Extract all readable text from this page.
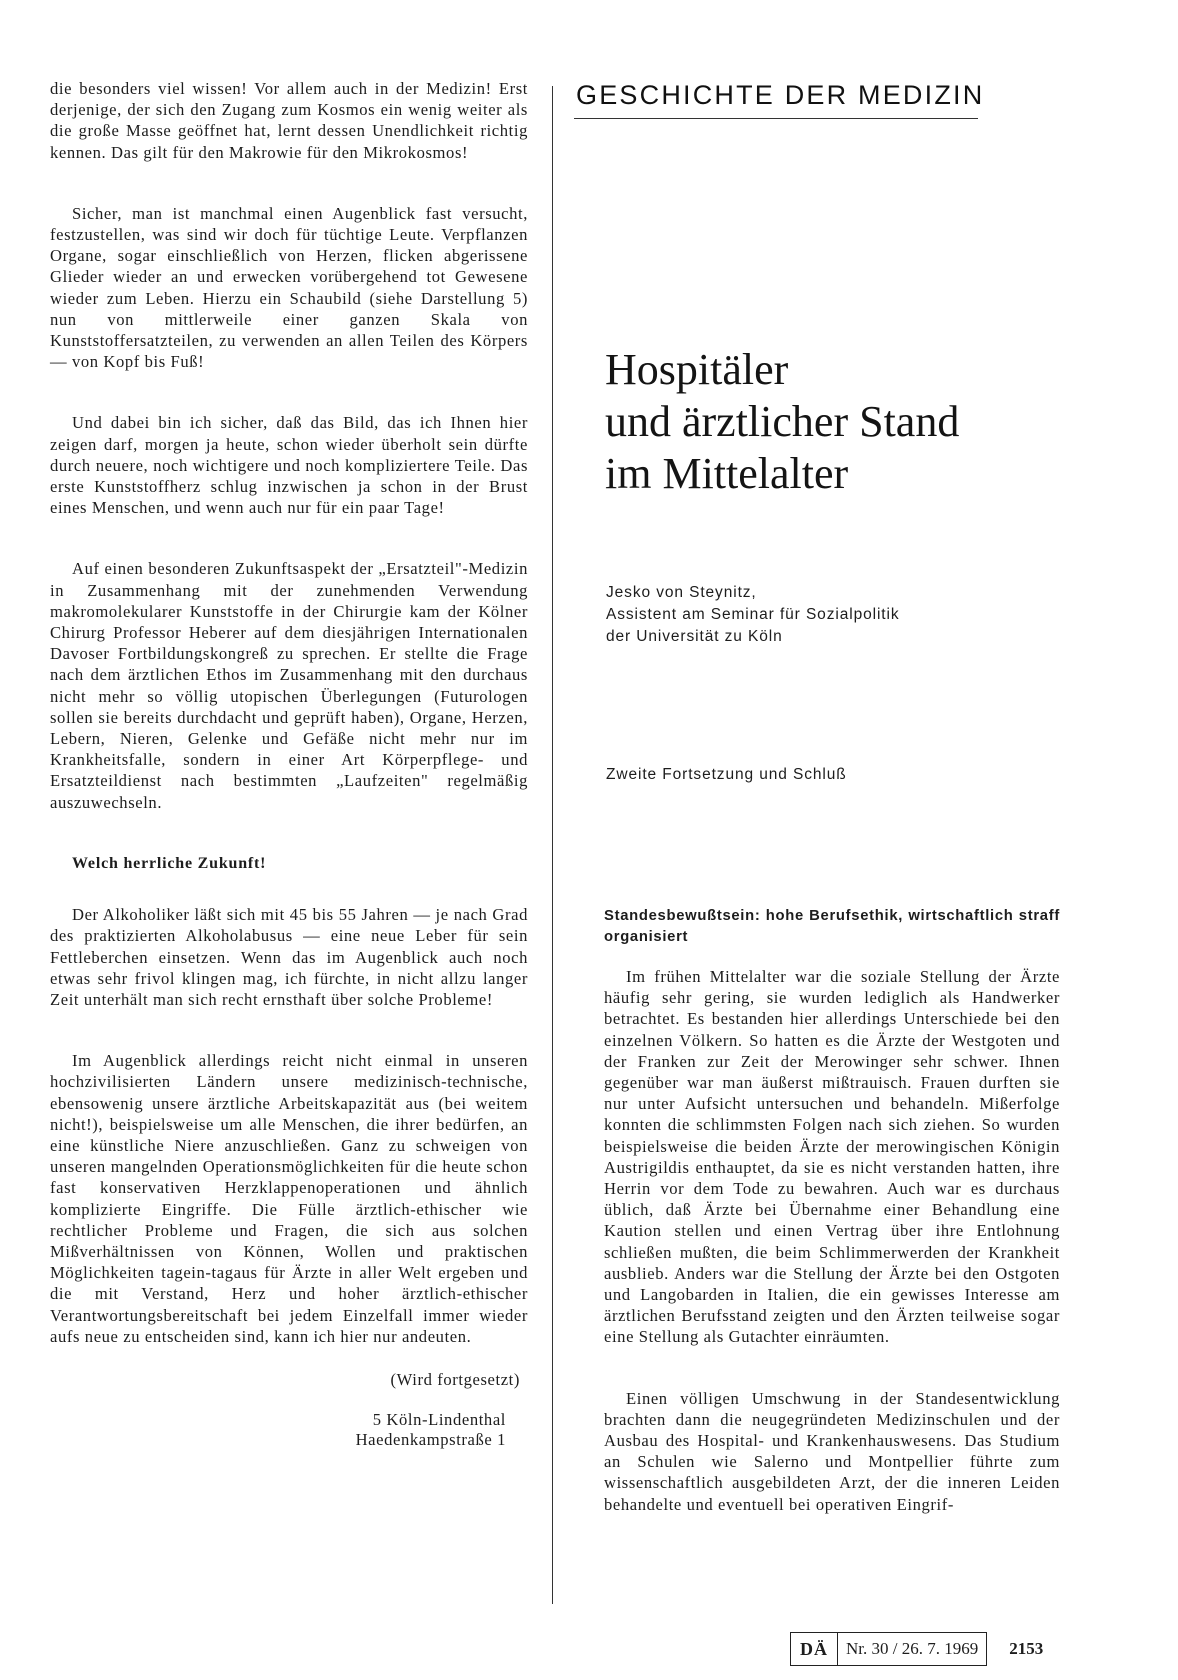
die besonders viel wissen! Vor allem auch in der Medizin! Erst derjenige, der sich den Zugang zum Kosmos ein wenig weiter als die große Masse geöffnet hat, lernt dessen Unendlichkeit richtig kennen. Das gilt für den Makrowie für den Mikrokosmos!

Sicher, man ist manchmal einen Augenblick fast versucht, festzustellen, was sind wir doch für tüchtige Leute. Verpflanzen Organe, sogar einschließlich von Herzen, flicken abgerissene Glieder wieder an und erwecken vorübergehend tot Gewesene wieder zum Leben. Hierzu ein Schaubild (siehe Darstellung 5) nun von mittlerweile einer ganzen Skala von Kunststoffersatzteilen, zu verwenden an allen Teilen des Körpers — von Kopf bis Fuß!

Und dabei bin ich sicher, daß das Bild, das ich Ihnen hier zeigen darf, morgen ja heute, schon wieder überholt sein dürfte durch neuere, noch wichtigere und noch kompliziertere Teile. Das erste Kunststoffherz schlug inzwischen ja schon in der Brust eines Menschen, und wenn auch nur für ein paar Tage!

Auf einen besonderen Zukunftsaspekt der „Ersatzteil"-Medizin in Zusammenhang mit der zunehmenden Verwendung makromolekularer Kunststoffe in der Chirurgie kam der Kölner Chirurg Professor Heberer auf dem diesjährigen Internationalen Davoser Fortbildungskongreß zu sprechen. Er stellte die Frage nach dem ärztlichen Ethos im Zusammenhang mit den durchaus nicht mehr so völlig utopischen Überlegungen (Futurologen sollen sie bereits durchdacht und geprüft haben), Organe, Herzen, Lebern, Nieren, Gelenke und Gefäße nicht mehr nur im Krankheitsfalle, sondern in einer Art Körperpflege- und Ersatzteildienst nach bestimmten „Laufzeiten" regelmäßig auszuwechseln.

Welch herrliche Zukunft!

Der Alkoholiker läßt sich mit 45 bis 55 Jahren — je nach Grad des praktizierten Alkoholabusus — eine neue Leber für sein Fettleberchen einsetzen. Wenn das im Augenblick auch noch etwas sehr frivol klingen mag, ich fürchte, in nicht allzu langer Zeit unterhält man sich recht ernsthaft über solche Probleme!

Im Augenblick allerdings reicht nicht einmal in unseren hochzivilisierten Ländern unsere medizinisch-technische, ebensowenig unsere ärztliche Arbeitskapazität aus (bei weitem nicht!), beispielsweise um alle Menschen, die ihrer bedürfen, an eine künstliche Niere anzuschließen. Ganz zu schweigen von unseren mangelnden Operationsmöglichkeiten für die heute schon fast konservativen Herzklappenoperationen und ähnlich komplizierte Eingriffe. Die Fülle ärztlich-ethischer wie rechtlicher Probleme und Fragen, die sich aus solchen Mißverhältnissen von Können, Wollen und praktischen Möglichkeiten tagein-tagaus für Ärzte in aller Welt ergeben und die mit Verstand, Herz und hoher ärztlich-ethischer Verantwortungsbereitschaft bei jedem Einzelfall immer wieder aufs neue zu entscheiden sind, kann ich hier nur andeuten.

(Wird fortgesetzt)
5 Köln-Lindenthal
Haedenkampstraße 1
GESCHICHTE DER MEDIZIN
Hospitäler
und ärztlicher Stand
im Mittelalter
Jesko von Steynitz,
Assistent am Seminar für Sozialpolitik
der Universität zu Köln
Zweite Fortsetzung und Schluß
Standesbewußtsein: hohe Berufsethik, wirtschaftlich straff organisiert

Im frühen Mittelalter war die soziale Stellung der Ärzte häufig sehr gering, sie wurden lediglich als Handwerker betrachtet. Es bestanden hier allerdings Unterschiede bei den einzelnen Völkern. So hatten es die Ärzte der Westgoten und der Franken zur Zeit der Merowinger sehr schwer. Ihnen gegenüber war man äußerst mißtrauisch. Frauen durften sie nur unter Aufsicht untersuchen und behandeln. Mißerfolge konnten die schlimmsten Folgen nach sich ziehen. So wurden beispielsweise die beiden Ärzte der merowingischen Königin Austrigildis enthauptet, da sie es nicht verstanden hatten, ihre Herrin vor dem Tode zu bewahren. Auch war es durchaus üblich, daß Ärzte bei Übernahme einer Behandlung eine Kaution stellen und einen Vertrag über ihre Entlohnung schließen mußten, die beim Schlimmerwerden der Krankheit ausblieb. Anders war die Stellung der Ärzte bei den Ostgoten und Langobarden in Italien, die ein gewisses Interesse am ärztlichen Berufsstand zeigten und den Ärzten teilweise sogar eine Stellung als Gutachter einräumten.

Einen völligen Umschwung in der Standesentwicklung brachten dann die neugegründeten Medizinschulen und der Ausbau des Hospital- und Krankenhauswesens. Das Studium an Schulen wie Salerno und Montpellier führte zum wissenschaftlich ausgebildeten Arzt, der die inneren Leiden behandelte und eventuell bei operativen Eingrif-

DÄ	Nr. 30 / 26. 7. 1969	2153
